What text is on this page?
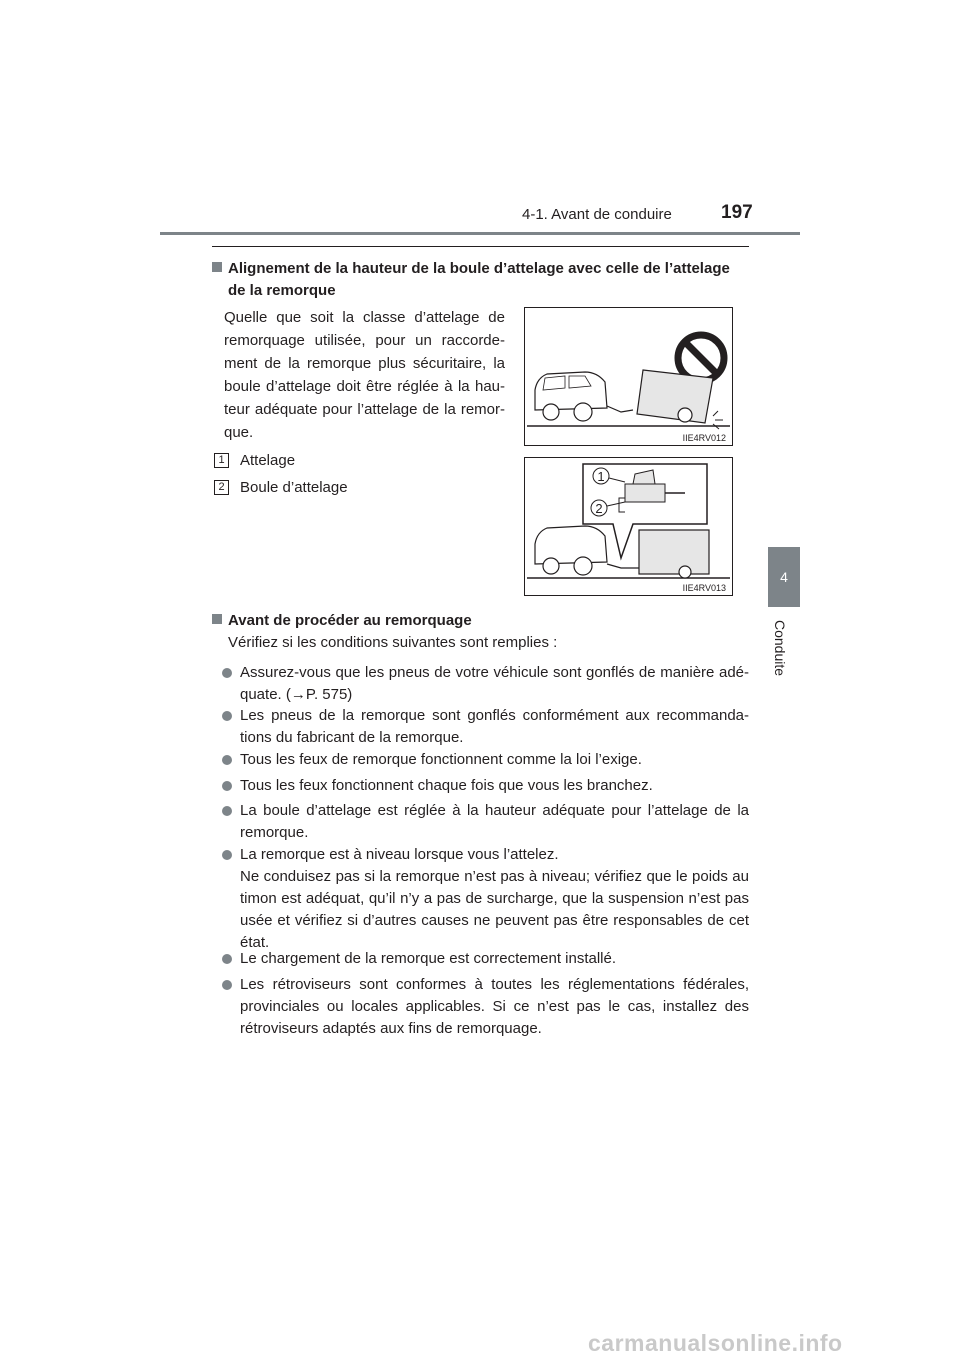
4-1. Avant de conduire	197
4
Conduite
Alignement de la hauteur de la boule d’attelage avec celle de l’attelage
de la remorque
Quelle que soit la classe d’attelage de remorquage utilisée, pour un raccorde-ment de la remorque plus sécuritaire, la boule d’attelage doit être réglée à la hau-teur adéquate pour l’attelage de la remor-que.
1 Attelage
2 Boule d’attelage
IIE4RV012
1
2
IIE4RV013
Avant de procéder au remorquage
Vérifiez si les conditions suivantes sont remplies :
Assurez-vous que les pneus de votre véhicule sont gonflés de manière adé-quate. (→P. 575)
Les pneus de la remorque sont gonflés conformément aux recommanda-tions du fabricant de la remorque.
Tous les feux de remorque fonctionnent comme la loi l’exige.
Tous les feux fonctionnent chaque fois que vous les branchez.
La boule d’attelage est réglée à la hauteur adéquate pour l’attelage de la remorque.
La remorque est à niveau lorsque vous l’attelez.
Ne conduisez pas si la remorque n’est pas à niveau; vérifiez que le poids au timon est adéquat, qu’il n’y a pas de surcharge, que la suspension n’est pas usée et vérifiez si d’autres causes ne peuvent pas être responsables de cet état.
Le chargement de la remorque est correctement installé.
Les rétroviseurs sont conformes à toutes les réglementations fédérales, provinciales ou locales applicables. Si ce n’est pas le cas, installez des rétroviseurs adaptés aux fins de remorquage.
carmanualsonline.info
